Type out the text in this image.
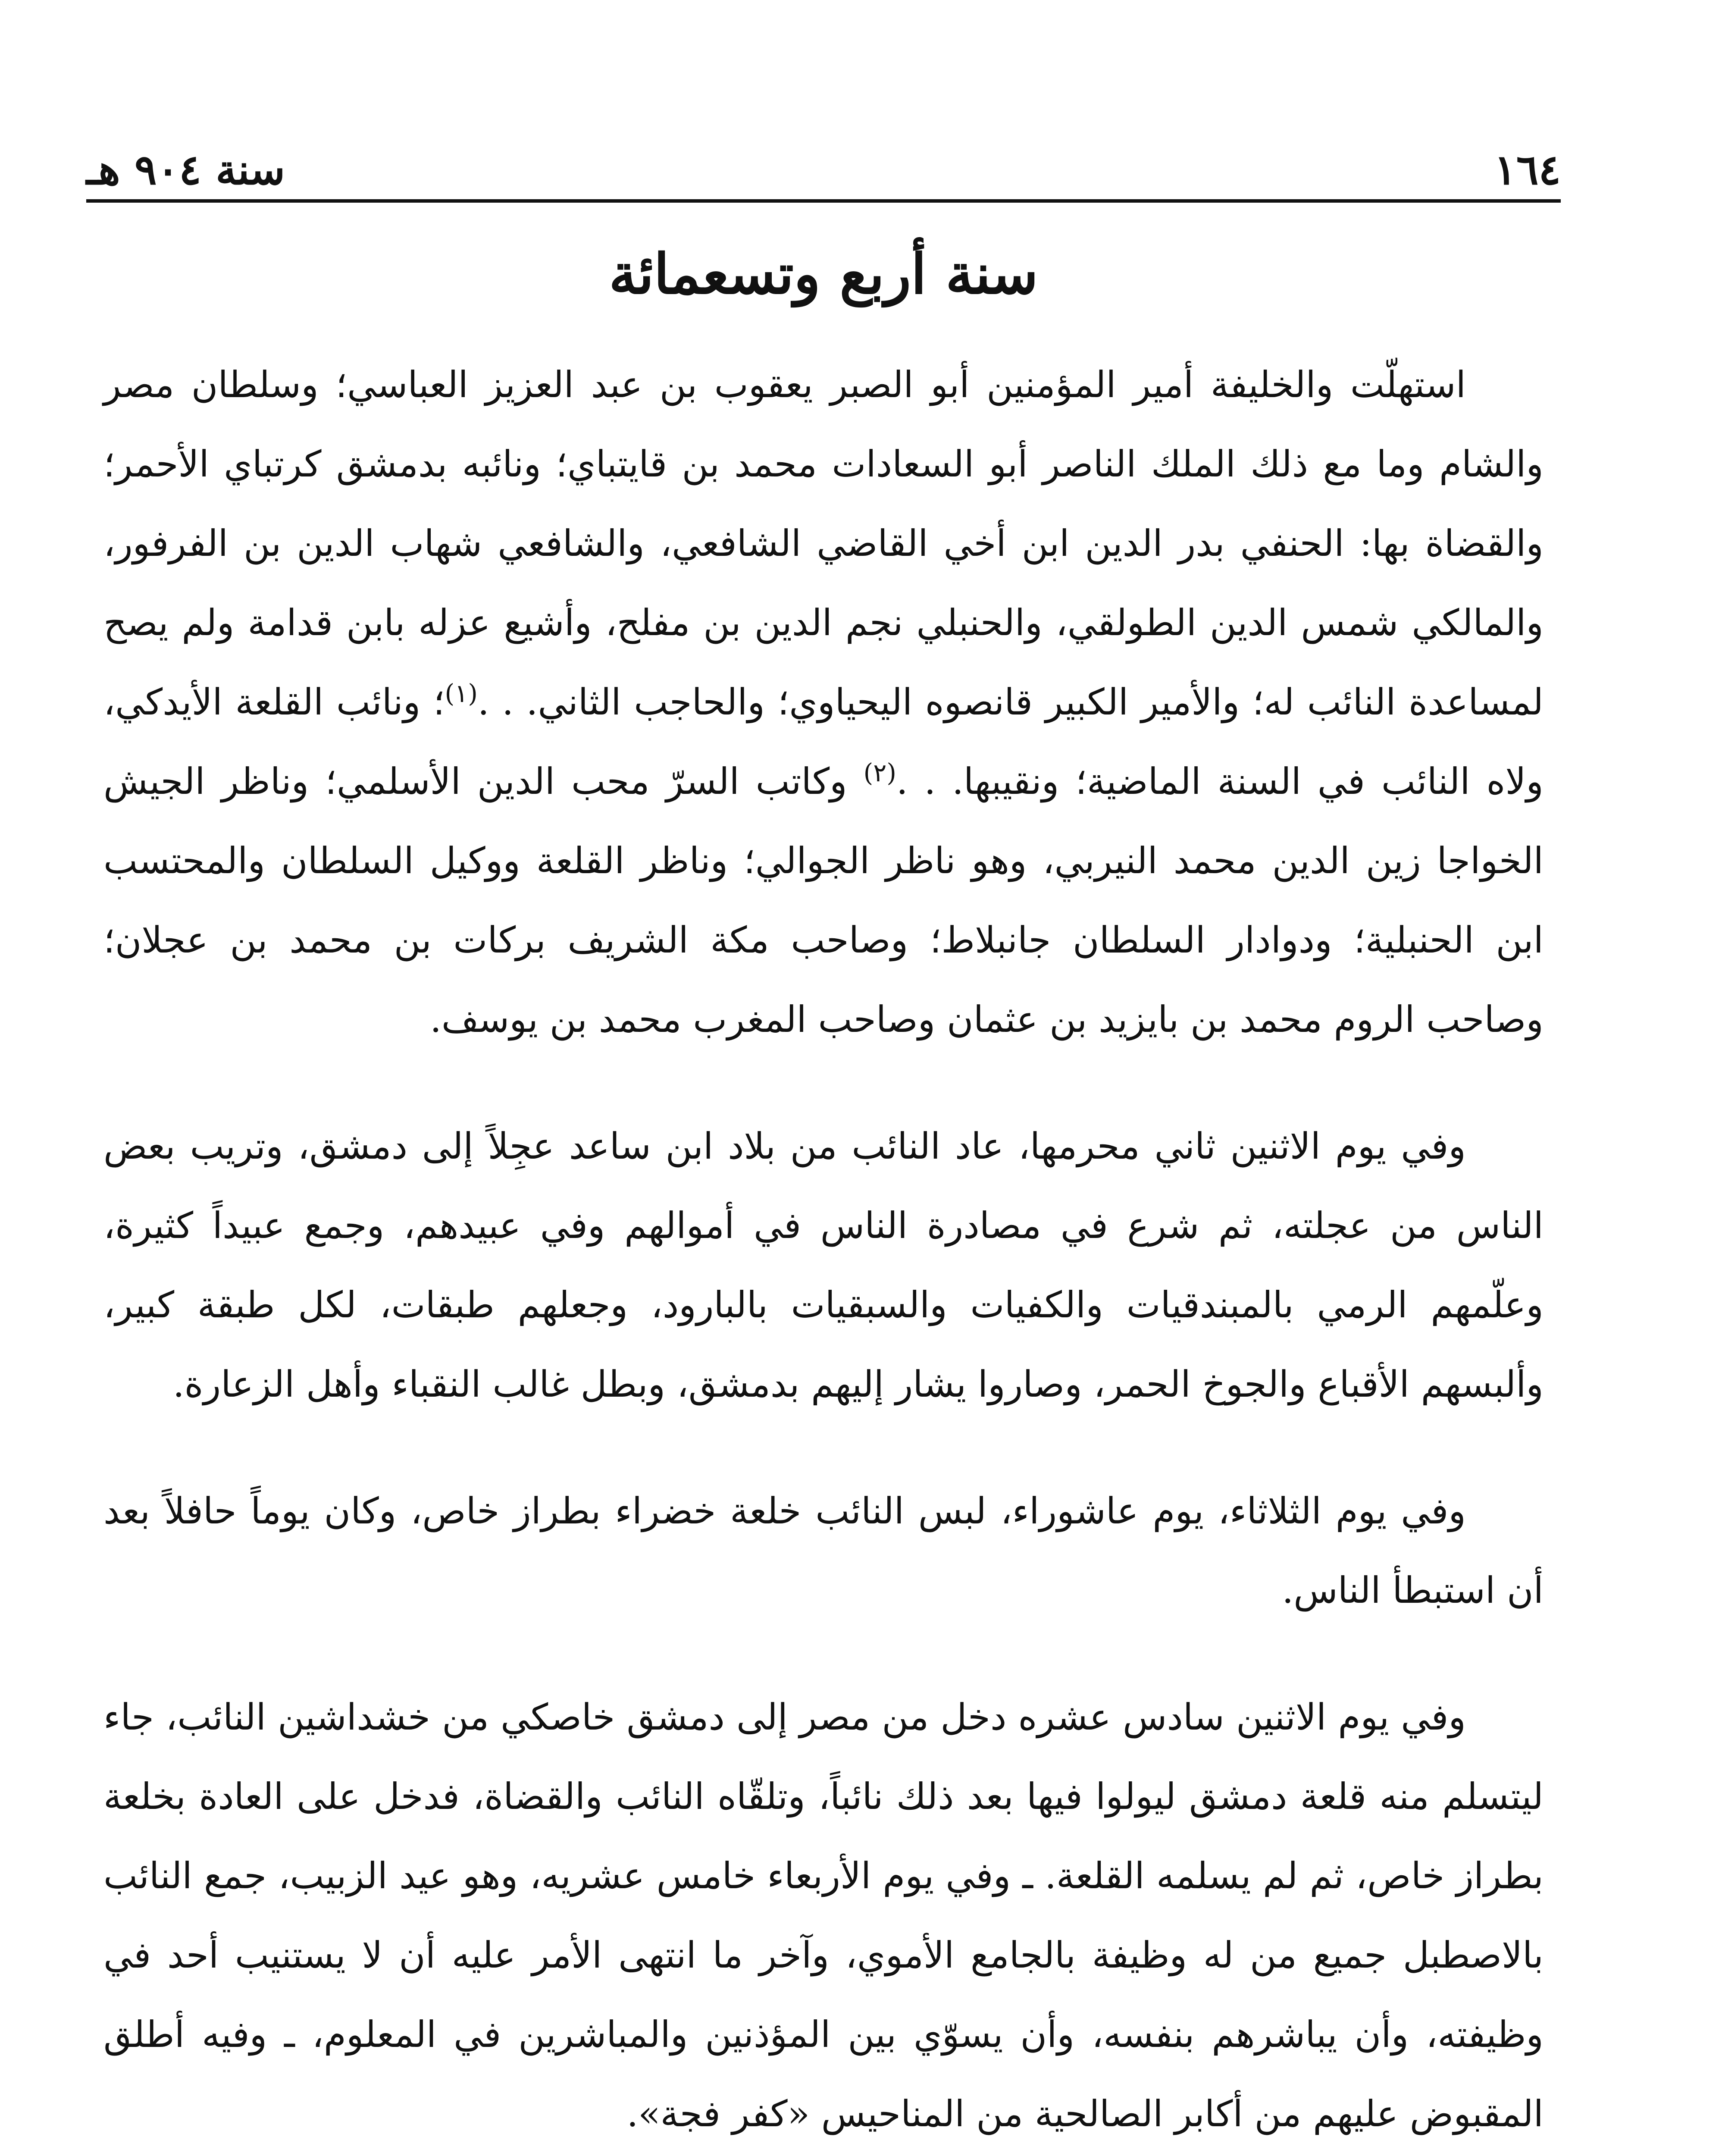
١٦٤
سنة ٩٠٤ هـ
سنة أربع وتسعمائة

استهلّت والخليفة أمير المؤمنين أبو الصبر يعقوب بن عبد العزيز العباسي؛ وسلطان مصر والشام وما مع ذلك الملك الناصر أبو السعادات محمد بن قايتباي؛ ونائبه بدمشق كرتباي الأحمر؛ والقضاة بها: الحنفي بدر الدين ابن أخي القاضي الشافعي، والشافعي شهاب الدين بن الفرفور، والمالكي شمس الدين الطولقي، والحنبلي نجم الدين بن مفلح، وأشيع عزله بابن قدامة ولم يصح لمساعدة النائب له؛ والأمير الكبير قانصوه اليحياوي؛ والحاجب الثاني. . .$^{(١)}$؛ ونائب القلعة الأيدكي، ولاه النائب في السنة الماضية؛ ونقيبها. . .$^{(٢)}$ وكاتب السرّ محب الدين الأسلمي؛ وناظر الجيش الخواجا زين الدين محمد النيربي، وهو ناظر الجوالي؛ وناظر القلعة ووكيل السلطان والمحتسب ابن الحنبلية؛ ودوادار السلطان جانبلاط؛ وصاحب مكة الشريف بركات بن محمد بن عجلان؛ وصاحب الروم محمد بن بايزيد بن عثمان وصاحب المغرب محمد بن يوسف.

وفي يوم الاثنين ثاني محرمها، عاد النائب من بلاد ابن ساعد عجِلاً إلى دمشق، وتريب بعض الناس من عجلته، ثم شرع في مصادرة الناس في أموالهم وفي عبيدهم، وجمع عبيداً كثيرة، وعلّمهم الرمي بالمبندقيات والكفيات والسبقيات بالبارود، وجعلهم طبقات، لكل طبقة كبير، وألبسهم الأقباع والجوخ الحمر، وصاروا يشار إليهم بدمشق، وبطل غالب النقباء وأهل الزعارة.

وفي يوم الثلاثاء، يوم عاشوراء، لبس النائب خلعة خضراء بطراز خاص، وكان يوماً حافلاً بعد أن استبطأ الناس.

وفي يوم الاثنين سادس عشره دخل من مصر إلى دمشق خاصكي من خشداشين النائب، جاء ليتسلم منه قلعة دمشق ليولوا فيها بعد ذلك نائباً، وتلقّاه النائب والقضاة، فدخل على العادة بخلعة بطراز خاص، ثم لم يسلمه القلعة. ـ وفي يوم الأربعاء خامس عشريه، وهو عيد الزبيب، جمع النائب بالاصطبل جميع من له وظيفة بالجامع الأموي، وآخر ما انتهى الأمر عليه أن لا يستنيب أحد في وظيفته، وأن يباشرهم بنفسه، وأن يسوّي بين المؤذنين والمباشرين في المعلوم، ـ وفيه أطلق المقبوض عليهم من أكابر الصالحية من المناحيس «كفر فجة».
